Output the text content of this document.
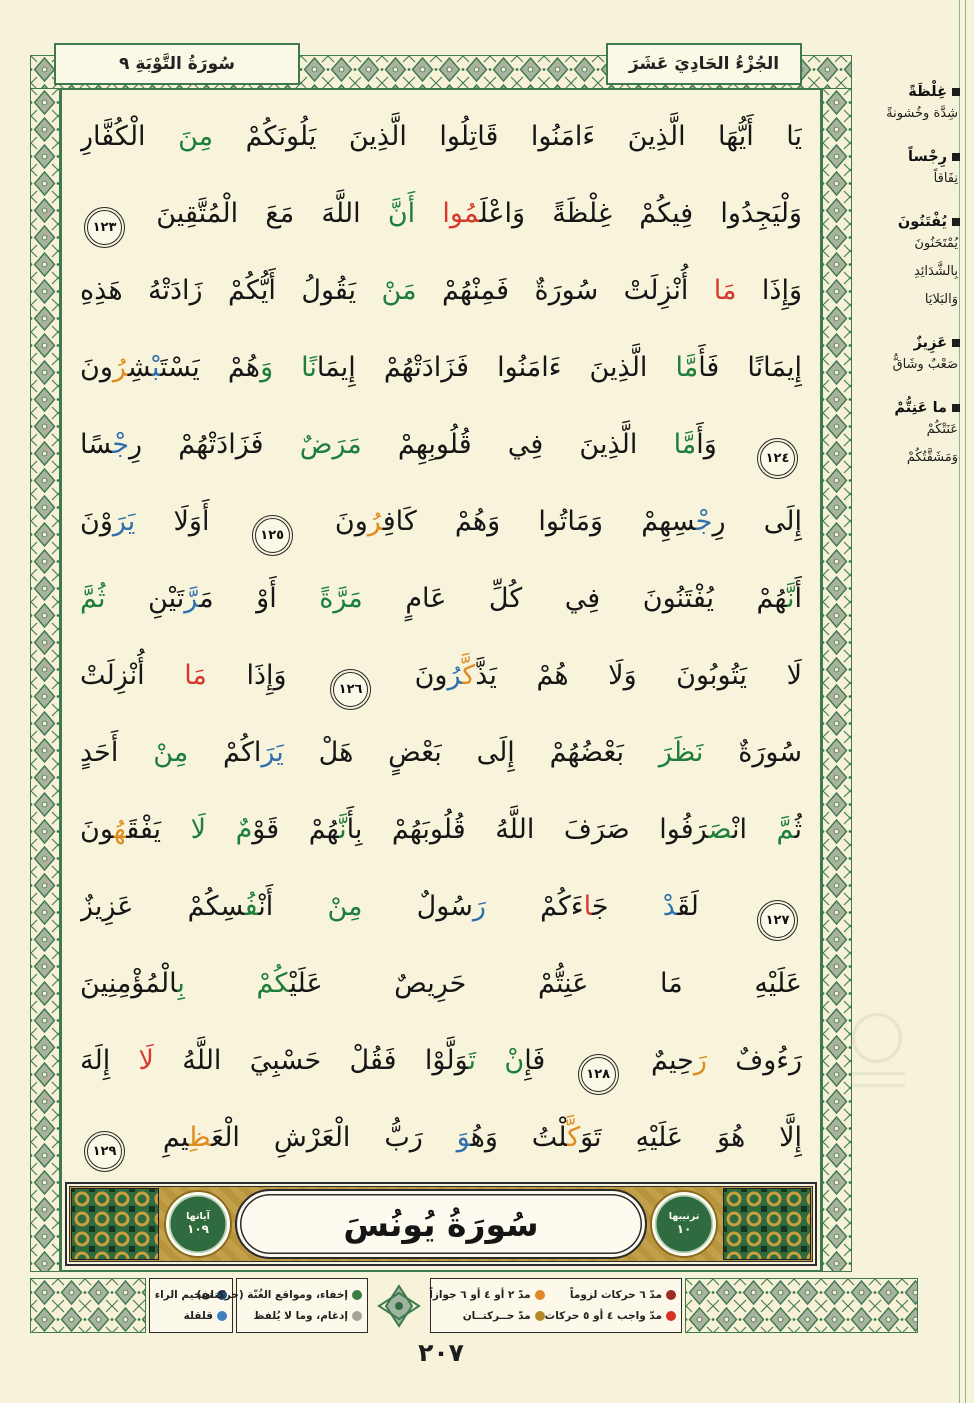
سُورَةُ التَّوْبَةِ ٩	الجُزْءُ الحَادِيَ عَشَرَ
يَا أَيُّهَا الَّذِينَ ءَامَنُوا قَاتِلُوا الَّذِينَ يَلُونَكُمْ مِنَ الْكُفَّارِ
وَلْيَجِدُوا فِيكُمْ غِلْظَةً وَاعْلَمُوا أَنَّ اللَّهَ مَعَ الْمُتَّقِينَ ١٢٣
وَإِذَا مَا أُنْزِلَتْ سُورَةٌ فَمِنْهُمْ مَنْ يَقُولُ أَيُّكُمْ زَادَتْهُ هَذِهِ
إِيمَانًا فَأَمَّا الَّذِينَ ءَامَنُوا فَزَادَتْهُمْ إِيمَانًا وَهُمْ يَسْتَبْشِرُونَ
١٢٤ وَأَمَّا الَّذِينَ فِي قُلُوبِهِمْ مَرَضٌ فَزَادَتْهُمْ رِجْسًا
إِلَى رِجْسِهِمْ وَمَاتُوا وَهُمْ كَافِرُونَ ١٢٥ أَوَلَا يَرَوْنَ
أَنَّهُمْ يُفْتَنُونَ فِي كُلِّ عَامٍ مَرَّةً أَوْ مَرَّتَيْنِ ثُمَّ
لَا يَتُوبُونَ وَلَا هُمْ يَذَّكَّرُونَ ١٢٦ وَإِذَا مَا أُنْزِلَتْ
سُورَةٌ نَظَرَ بَعْضُهُمْ إِلَى بَعْضٍ هَلْ يَرَاكُمْ مِنْ أَحَدٍ
ثُمَّ انْصَرَفُوا صَرَفَ اللَّهُ قُلُوبَهُمْ بِأَنَّهُمْ قَوْمٌ لَا يَفْقَهُونَ
١٢٧ لَقَدْ جَاءَكُمْ رَسُولٌ مِنْ أَنْفُسِكُمْ عَزِيزٌ
عَلَيْهِ مَا عَنِتُّمْ حَرِيصٌ عَلَيْكُمْ بِالْمُؤْمِنِينَ
رَءُوفٌ رَحِيمٌ ١٢٨ فَإِنْ تَوَلَّوْا فَقُلْ حَسْبِيَ اللَّهُ لَا إِلَهَ
إِلَّا هُوَ عَلَيْهِ تَوَكَّلْتُ وَهُوَ رَبُّ الْعَرْشِ الْعَظِيمِ ١٢٩
آياتها
١٠٩	سُورَةُ يُونُسَ	ترتيبها
١٠
غِلْظَةً
شِدَّة وخُشونةً
رِجْساً
نِفَاقاً
يُفْتَنُونَ
يُمْتَحَنُونَ
بِالشَّدَائِدِ
وَالبَلايَا
عَزِيزٌ
صَعْبٌ وشَاقٌّ
ما عَنِتُّمْ
عَنَتْكُمْ
وَمَشَقَّتُكُمْ
تفخيم الراء
قلقلة
إخفاء، ومواقع الغُنّة (حركتان)
إدغام، وما لا يُلفظ
مدّ ٦ حركات لزوماً
مدّ ٢ أو ٤ أو ٦ جوازاً
مدّ واجب ٤ أو ٥ حركات
مدّ حــركتــان
٢٠٧
